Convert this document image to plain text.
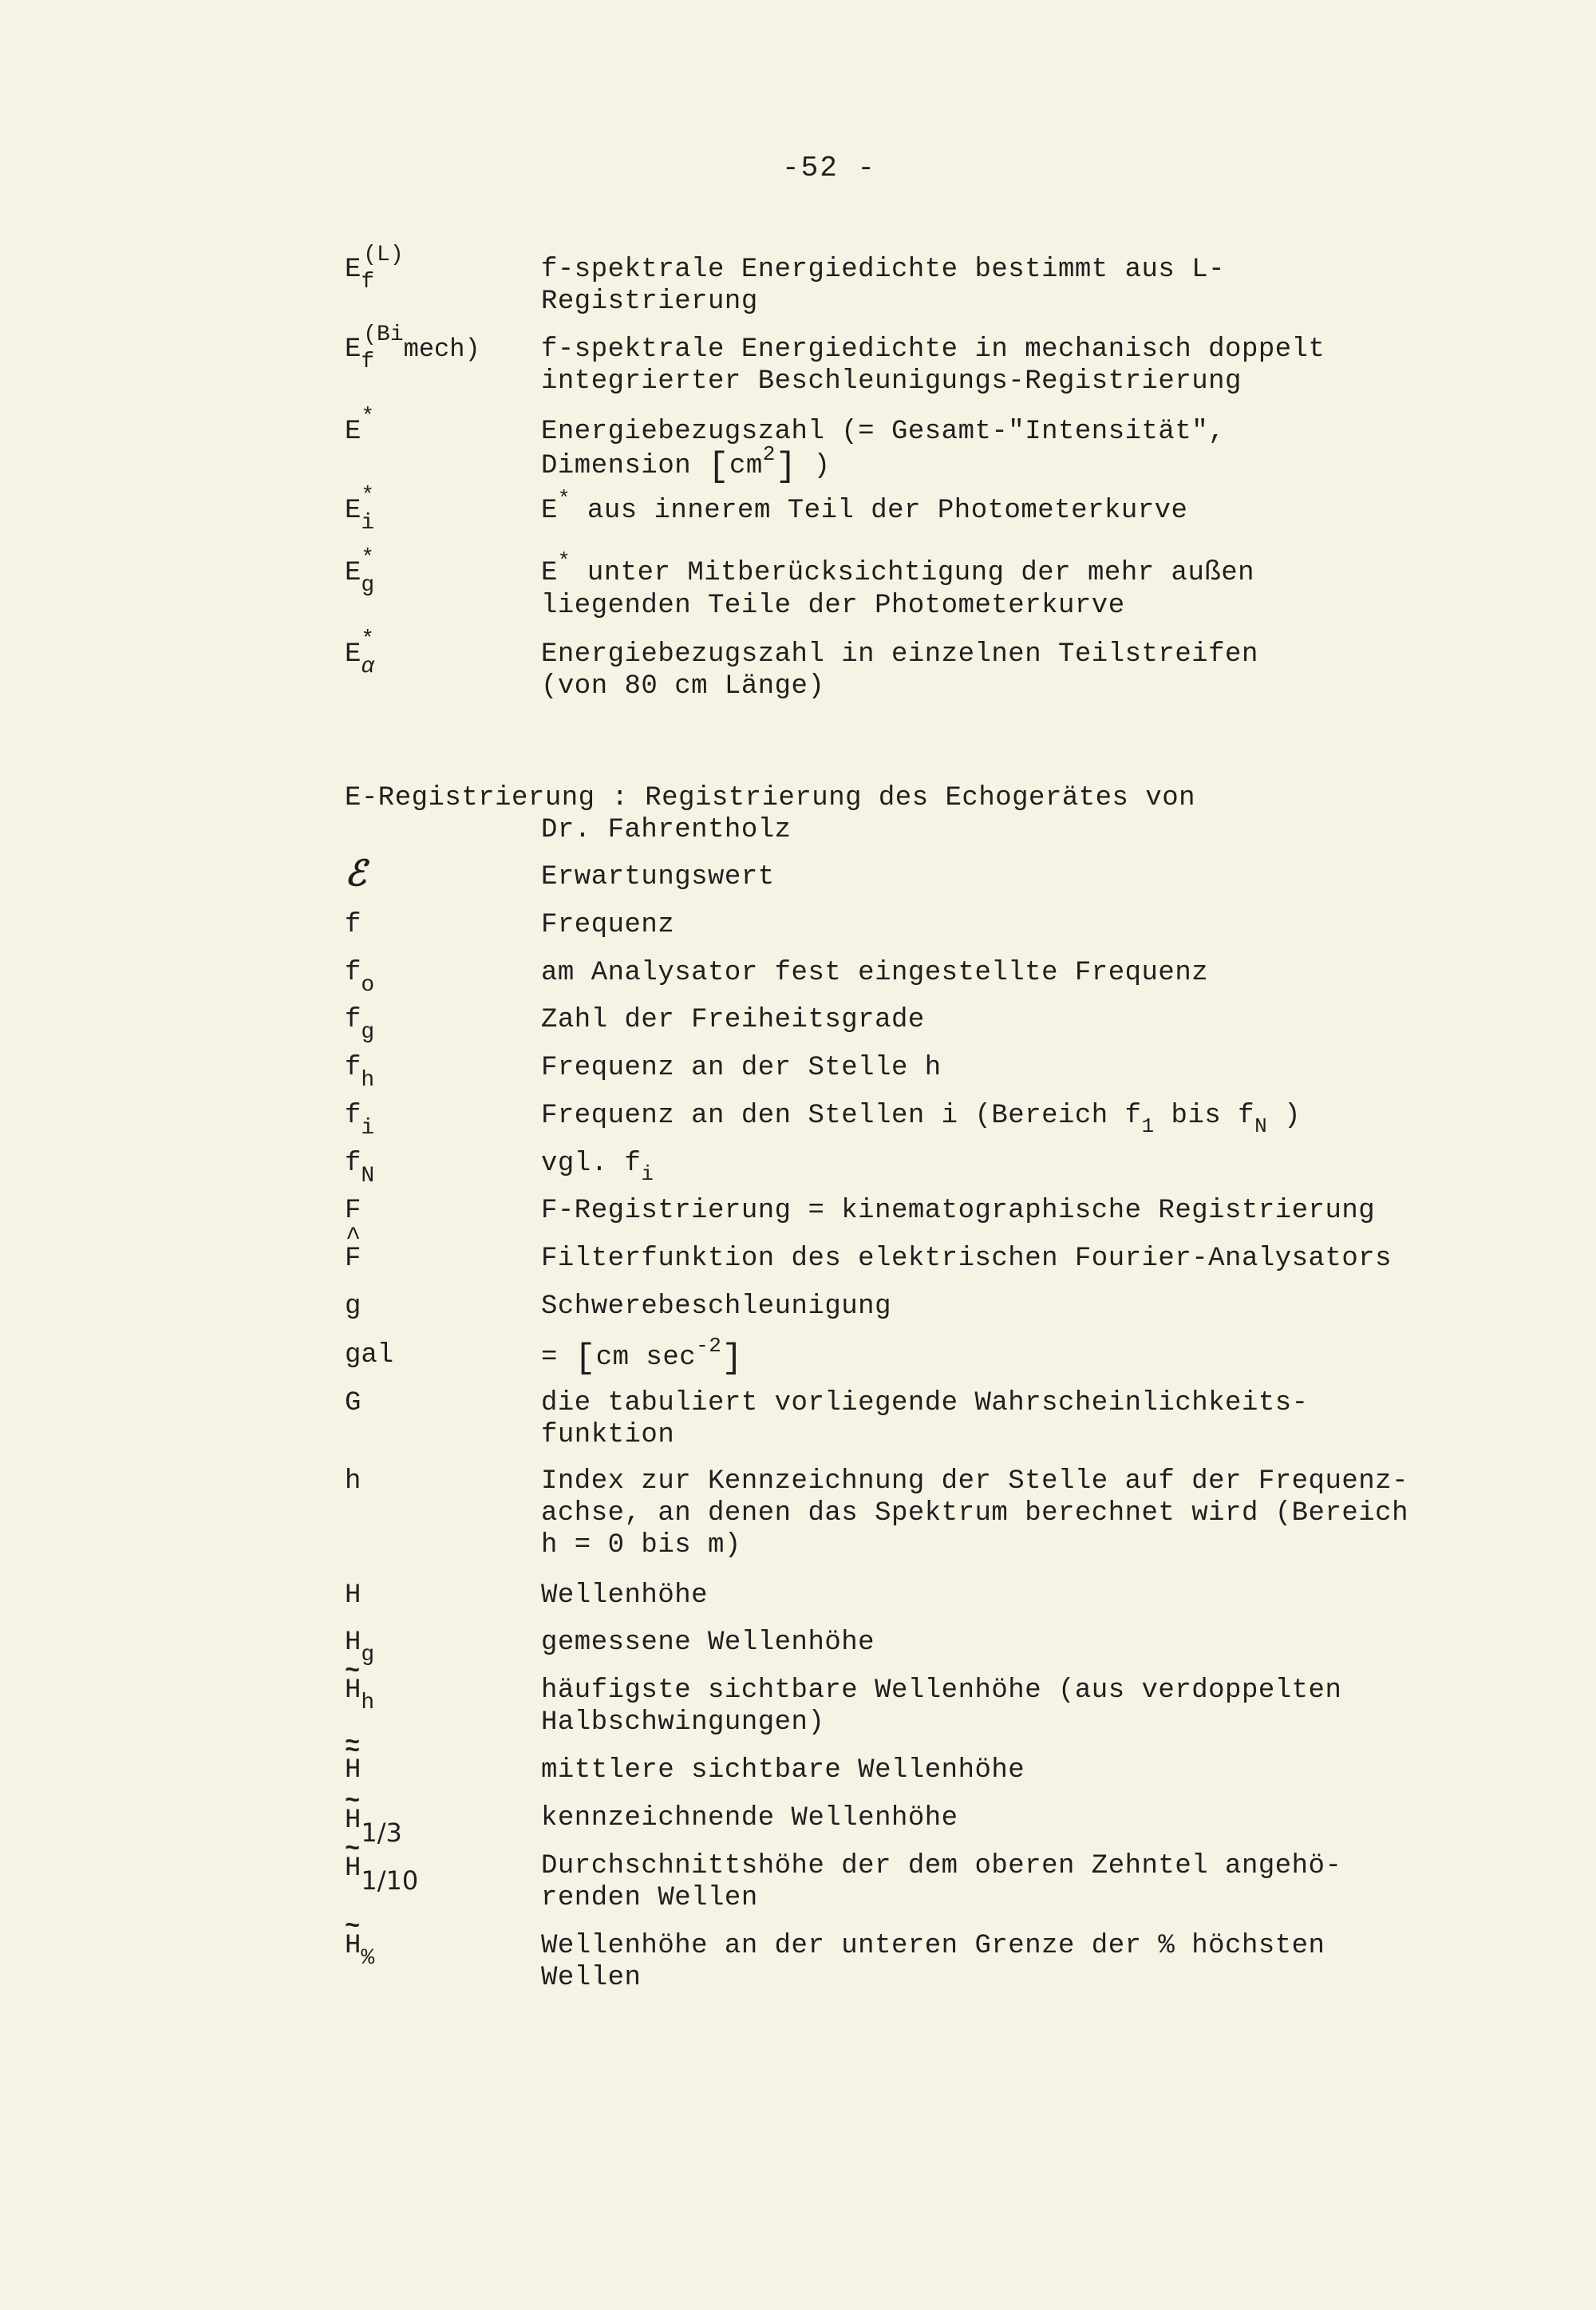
-52 -
$E_f^{(L)}$	f-spektrale Energiedichte bestimmt aus L-
Registrierung
$E_f^{(Bi}mech$)	f-spektrale Energiedichte in mechanisch doppelt
integrierter Beschleunigungs-Registrierung
E*	Energiebezugszahl (= Gesamt-"Intensität",
Dimension $[cm^2]$ )
$E_i^*$	E* aus innerem Teil der Photometerkurve
$E_g^*$	E* unter Mitberücksichtigung der mehr außen
liegenden Teile der Photometerkurve
$E_\alpha^*$	Energiebezugszahl in einzelnen Teilstreifen
(von 80 cm Länge)
E-Registrierung : Registrierung des Echogerätes von
Dr. Fahrentholz
ℰ	Erwartungswert
f	Frequenz
$f_o$	am Analysator fest eingestellte Frequenz
$f_g$	Zahl der Freiheitsgrade
$f_h$	Frequenz an der Stelle h
$f_i$	Frequenz an den Stellen i (Bereich $f_1$ bis $f_N$ )
$f_N$	vgl. $f_i$
F	F-Registrierung = kinematographische Registrierung
^ F	Filterfunktion des elektrischen Fourier-Analysators
g	Schwerebeschleunigung
gal	= [cm $\sec^{-2}$]
G	die tabuliert vorliegende Wahrscheinlichkeits-
funktion
h	Index zur Kennzeichnung der Stelle auf der Frequenz-
achse, an denen das Spektrum berechnet wird (Bereich
h = 0 bis m)
H	Wellenhöhe
$H_g$	gemessene Wellenhöhe
~ $H_h$	häufigste sichtbare Wellenhöhe (aus verdoppelten
Halbschwingungen)
~ H ~	mittlere sichtbare Wellenhöhe
~ H1/3	kennzeichnende Wellenhöhe
~ H1/10	Durchschnittshöhe der dem oberen Zehntel angehö-
renden Wellen
~ $H_{\%}$	Wellenhöhe an der unteren Grenze der % höchsten
Wellen
